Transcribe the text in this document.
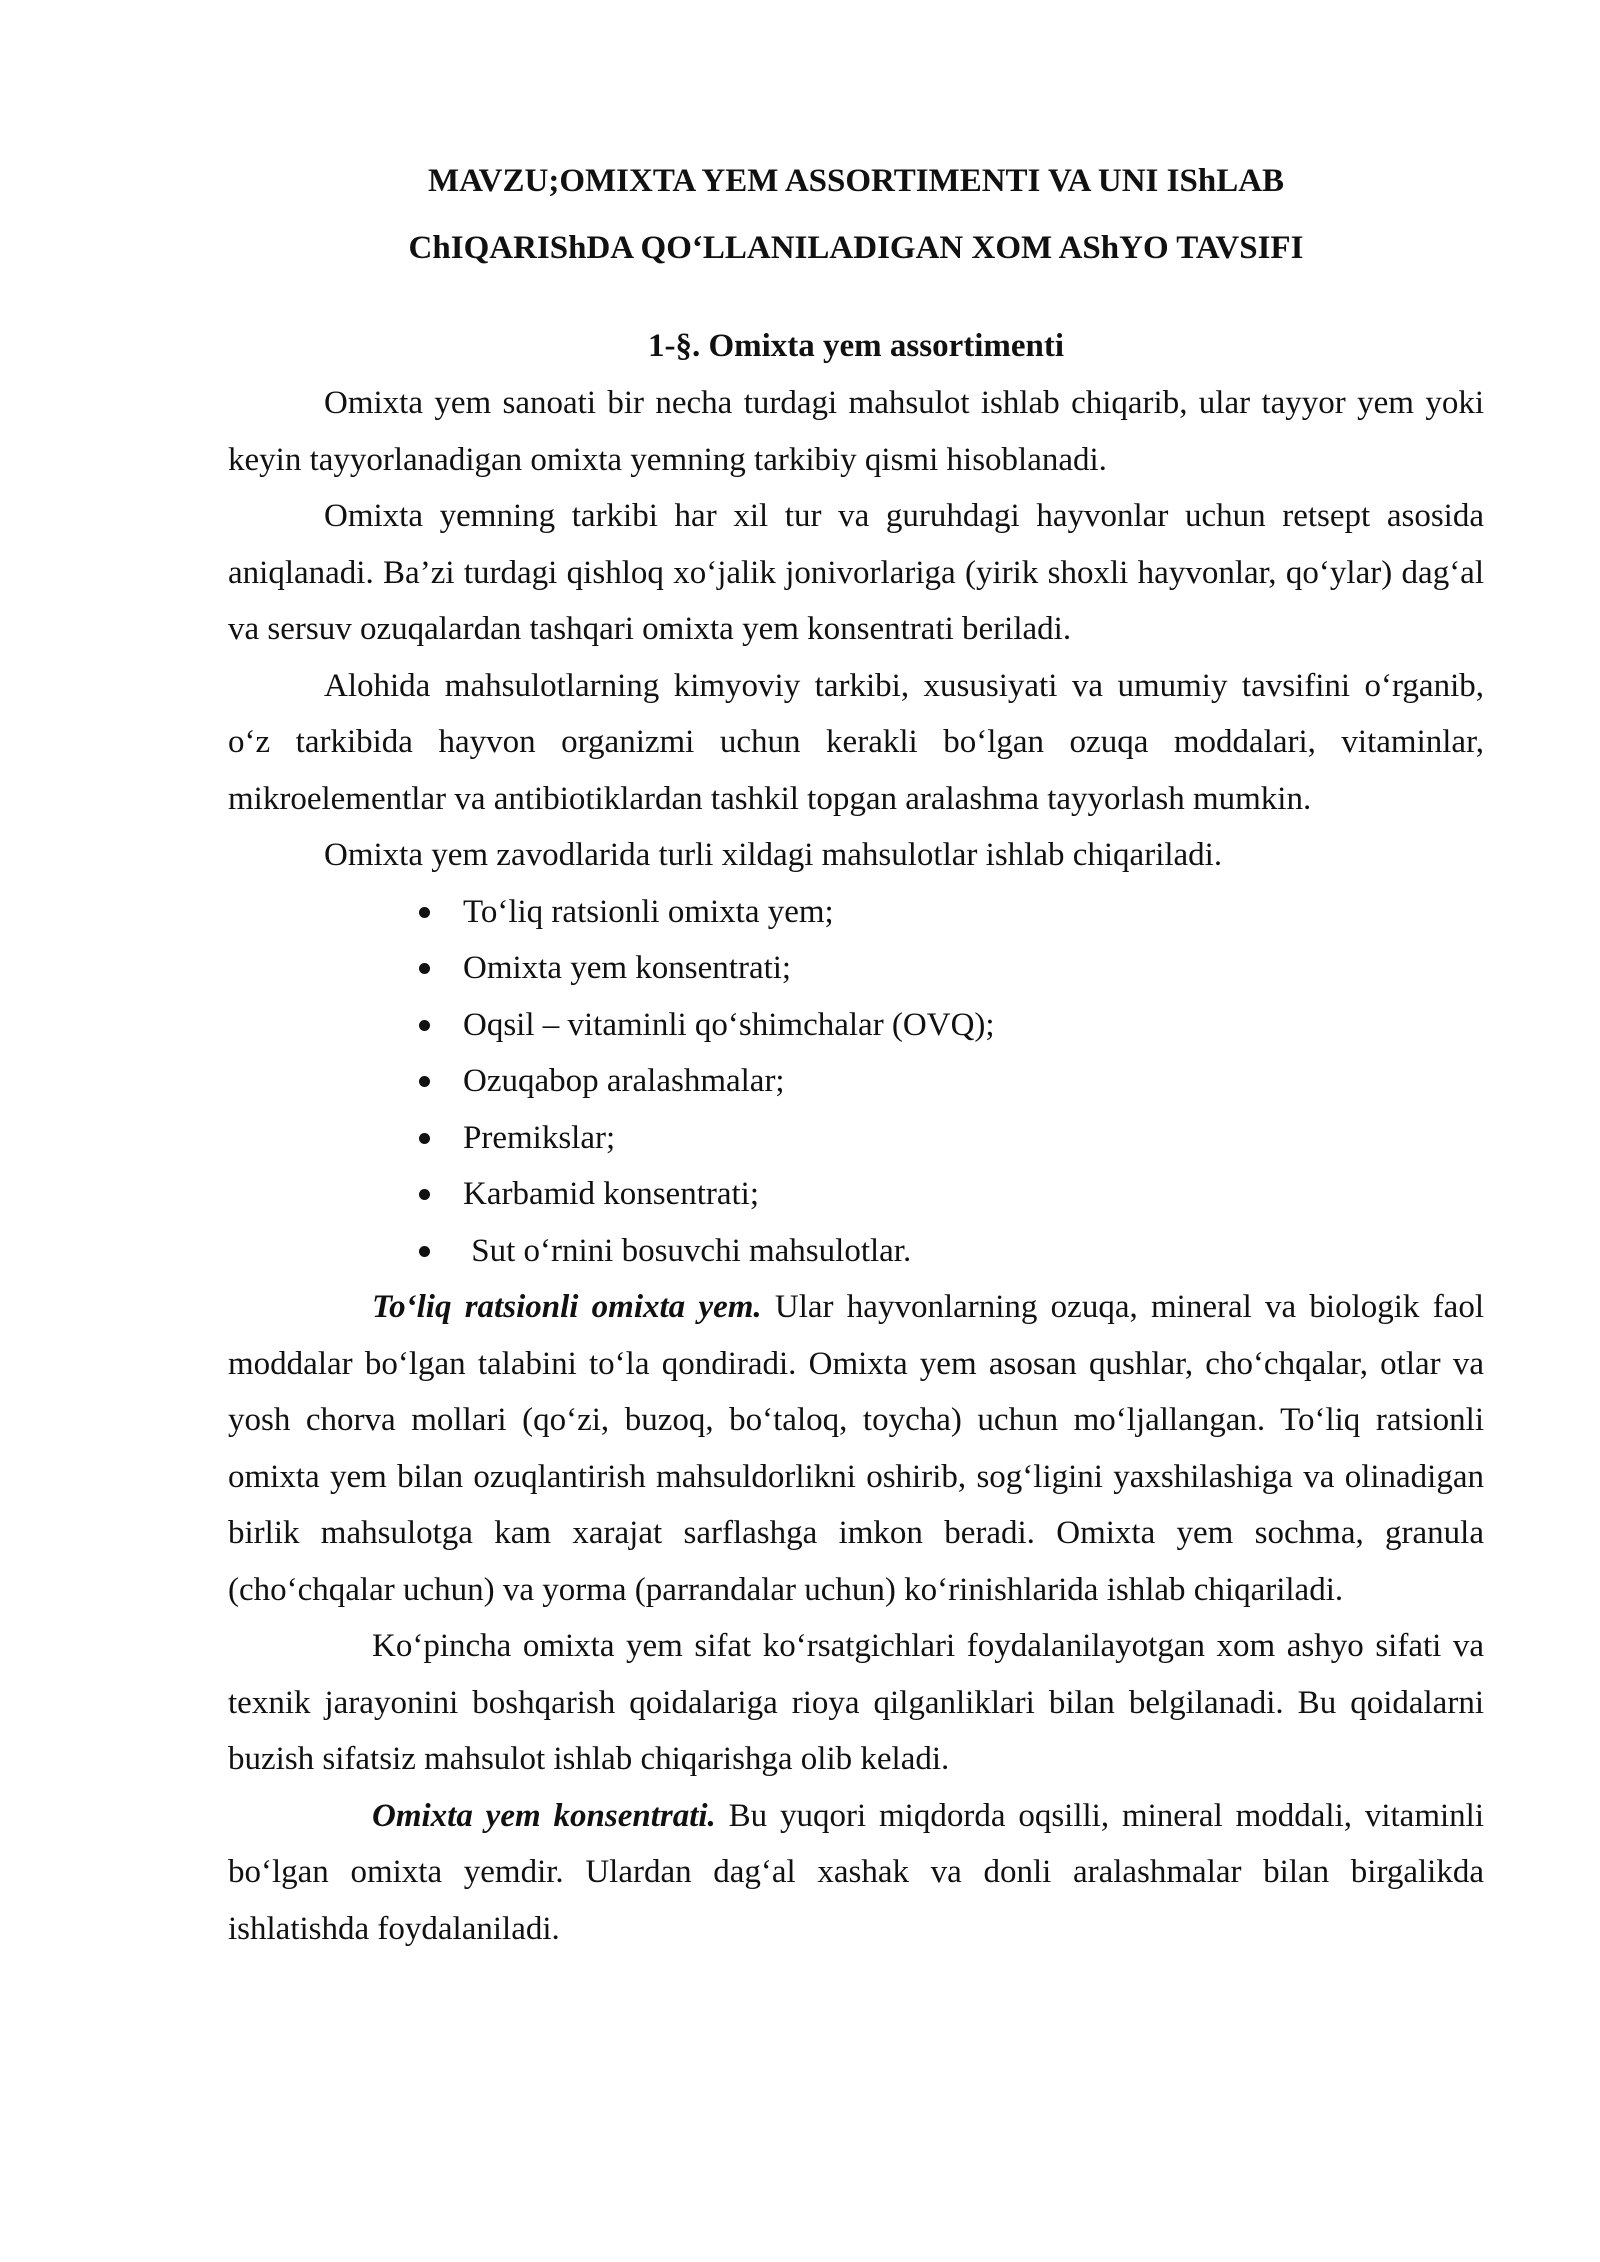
MAVZU;OMIXTA YEM ASSORTIMENTI VA UNI IShLAB

ChIQARIShDA QO‘LLANILADIGAN XOM AShYO TAVSIFI

1-§. Omixta yem assortimenti

Omixta yem sanoati bir necha turdagi mahsulot ishlab chiqarib, ular tayyor yem yoki keyin tayyorlanadigan omixta yemning tarkibiy qismi hisoblanadi.

Omixta yemning tarkibi har xil tur va guruhdagi hayvonlar uchun retsept asosida aniqlanadi. Ba’zi turdagi qishloq xo‘jalik jonivorlariga (yirik shoxli hayvonlar, qo‘ylar) dag‘al va sersuv ozuqalardan tashqari omixta yem konsentrati beriladi.

Alohida mahsulotlarning kimyoviy tarkibi, xususiyati va umumiy tavsifini o‘rganib, o‘z tarkibida hayvon organizmi uchun kerakli bo‘lgan ozuqa moddalari, vitaminlar, mikroelementlar va antibiotiklardan tashkil topgan aralashma tayyorlash mumkin.

Omixta yem zavodlarida turli xildagi mahsulotlar ishlab chiqariladi.

To‘liq ratsionli omixta yem;
Omixta yem konsentrati;
Oqsil – vitaminli qo‘shimchalar (OVQ);
Ozuqabop aralashmalar;
Premikslar;
Karbamid konsentrati;
Sut o‘rnini bosuvchi mahsulotlar.

To‘liq ratsionli omixta yem. Ular hayvonlarning ozuqa, mineral va biologik faol moddalar bo‘lgan talabini to‘la qondiradi. Omixta yem asosan qushlar, cho‘chqalar, otlar va yosh chorva mollari (qo‘zi, buzoq, bo‘taloq, toycha) uchun mo‘ljallangan. To‘liq ratsionli omixta yem bilan ozuqlantirish mahsuldorlikni oshirib, sog‘ligini yaxshilashiga va olinadigan birlik mahsulotga kam xarajat sarflashga imkon beradi. Omixta yem sochma, granula (cho‘chqalar uchun) va yorma (parrandalar uchun) ko‘rinishlarida ishlab chiqariladi.

Ko‘pincha omixta yem sifat ko‘rsatgichlari foydalanilayotgan xom ashyo sifati va texnik jarayonini boshqarish qoidalariga rioya qilganliklari bilan belgilanadi. Bu qoidalarni buzish sifatsiz mahsulot ishlab chiqarishga olib keladi.

Omixta yem konsentrati. Bu yuqori miqdorda oqsilli, mineral moddali, vitaminli bo‘lgan omixta yemdir. Ulardan dag‘al xashak va donli aralashmalar bilan birgalikda ishlatishda foydalaniladi.
